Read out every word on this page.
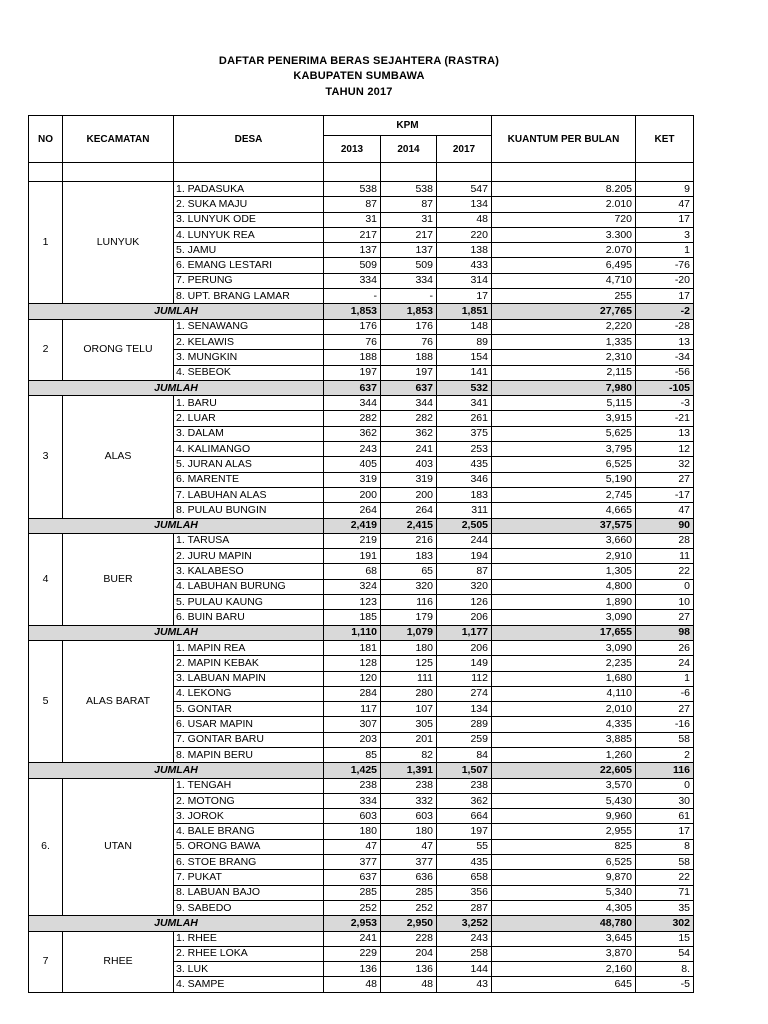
DAFTAR PENERIMA BERAS SEJAHTERA (RASTRA)
KABUPATEN SUMBAWA
TAHUN 2017
NO	KECAMATAN	DESA	KPM			KUANTUM PER BULAN	KET
			2013	2014	2017		

1	LUNYUK	1. PADASUKA	538	538	547	8.205	9
		2. SUKA MAJU	87	87	134	2.010	47
		3. LUNYUK ODE	31	31	48	720	17
		4. LUNYUK REA	217	217	220	3.300	3
		5. JAMU	137	137	138	2.070	1
		6. EMANG LESTARI	509	509	433	6,495	-76
		7. PERUNG	334	334	314	4,710	-20
		8. UPT. BRANG LAMAR	-	-	17	255	17
JUMLAH			1,853	1,853	1,851	27,765	-2
2	ORONG TELU	1. SENAWANG	176	176	148	2,220	-28
		2. KELAWIS	76	76	89	1,335	13
		3. MUNGKIN	188	188	154	2,310	-34
		4. SEBEOK	197	197	141	2,115	-56
JUMLAH			637	637	532	7,980	-105
3	ALAS	1. BARU	344	344	341	5,115	-3
		2. LUAR	282	282	261	3,915	-21
		3. DALAM	362	362	375	5,625	13
		4. KALIMANGO	243	241	253	3,795	12
		5. JURAN ALAS	405	403	435	6,525	32
		6. MARENTE	319	319	346	5,190	27
		7. LABUHAN ALAS	200	200	183	2,745	-17
		8. PULAU BUNGIN	264	264	311	4,665	47
JUMLAH			2,419	2,415	2,505	37,575	90
4	BUER	1. TARUSA	219	216	244	3,660	28
		2. JURU MAPIN	191	183	194	2,910	11
		3. KALABESO	68	65	87	1,305	22
		4. LABUHAN BURUNG	324	320	320	4,800	0
		5. PULAU KAUNG	123	116	126	1,890	10
		6. BUIN BARU	185	179	206	3,090	27
JUMLAH			1,110	1,079	1,177	17,655	98
5	ALAS BARAT	1. MAPIN REA	181	180	206	3,090	26
		2. MAPIN KEBAK	128	125	149	2,235	24
		3. LABUAN MAPIN	120	111	112	1,680	1
		4. LEKONG	284	280	274	4,110	-6
		5. GONTAR	117	107	134	2,010	27
		6. USAR MAPIN	307	305	289	4,335	-16
		7. GONTAR BARU	203	201	259	3,885	58
		8. MAPIN BERU	85	82	84	1,260	2
JUMLAH			1,425	1,391	1,507	22,605	116
6.	UTAN	1. TENGAH	238	238	238	3,570	0
		2. MOTONG	334	332	362	5,430	30
		3. JOROK	603	603	664	9,960	61
		4. BALE BRANG	180	180	197	2,955	17
		5. ORONG BAWA	47	47	55	825	8
		6. STOE BRANG	377	377	435	6,525	58
		7. PUKAT	637	636	658	9,870	22
		8. LABUAN BAJO	285	285	356	5,340	71
		9. SABEDO	252	252	287	4,305	35
JUMLAH			2,953	2,950	3,252	48,780	302
7	RHEE	1. RHEE	241	228	243	3,645	15
		2. RHEE LOKA	229	204	258	3,870	54
		3. LUK	136	136	144	2,160	8.
		4. SAMPE	48	48	43	645	-5
